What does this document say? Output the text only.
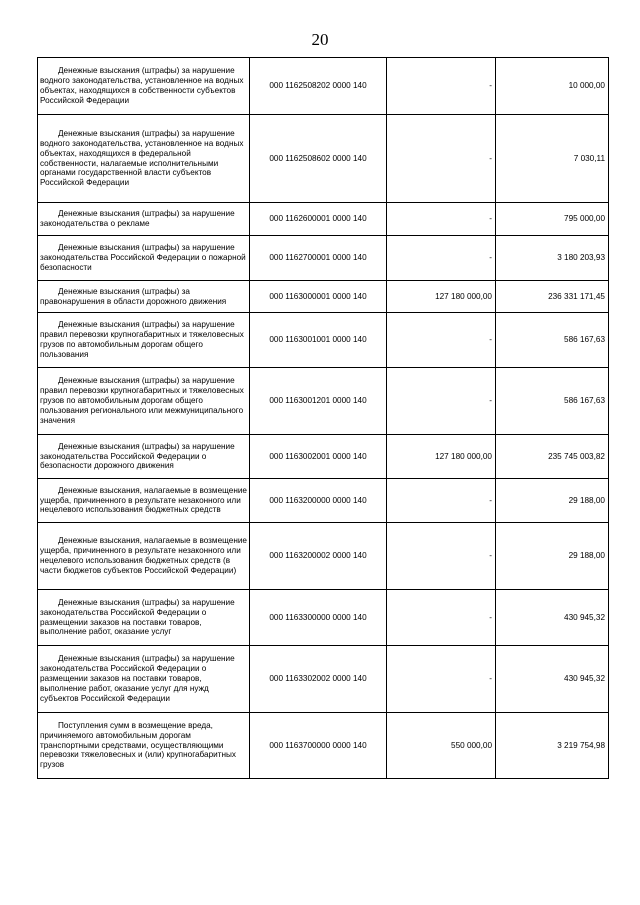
20
Денежные взыскания (штрафы) за нарушение водного законодательства, установленное на водных объектах, находящихся в собственности субъектов Российской Федерации	000 1162508202 0000 140	-	10 000,00

Денежные взыскания (штрафы) за нарушение водного законодательства, установленное на водных объектах, находящихся в федеральной собственности, налагаемые исполнительными органами государственной власти субъектов Российской Федерации	000 1162508602 0000 140	-	7 030,11

Денежные взыскания (штрафы) за нарушение законодательства о рекламе	000 1162600001 0000 140	-	795 000,00

Денежные взыскания (штрафы) за нарушение законодательства Российской Федерации о пожарной безопасности	000 1162700001 0000 140	-	3 180 203,93

Денежные взыскания (штрафы) за правонарушения в области дорожного движения	000 1163000001 0000 140	127 180 000,00	236 331 171,45

Денежные взыскания (штрафы) за нарушение правил перевозки крупногабаритных и тяжеловесных грузов по автомобильным дорогам общего пользования	000 1163001001 0000 140	-	586 167,63

Денежные взыскания (штрафы) за нарушение правил перевозки крупногабаритных и тяжеловесных грузов по автомобильным дорогам общего пользования регионального или межмуниципального значения	000 1163001201 0000 140	-	586 167,63

Денежные взыскания (штрафы) за нарушение законодательства Российской Федерации о безопасности дорожного движения	000 1163002001 0000 140	127 180 000,00	235 745 003,82

Денежные взыскания, налагаемые в возмещение ущерба, причиненного в результате незаконного или нецелевого использования бюджетных средств	000 1163200000 0000 140	-	29 188,00

Денежные взыскания, налагаемые в возмещение ущерба, причиненного в результате незаконного или нецелевого использования бюджетных средств (в части бюджетов субъектов Российской Федерации)	000 1163200002 0000 140	-	29 188,00

Денежные взыскания (штрафы) за нарушение законодательства Российской Федерации о размещении заказов на поставки товаров, выполнение работ, оказание услуг	000 1163300000 0000 140	-	430 945,32

Денежные взыскания (штрафы) за нарушение законодательства Российской Федерации о размещении заказов на поставки товаров, выполнение работ, оказание услуг для нужд субъектов Российской Федерации	000 1163302002 0000 140	-	430 945,32

Поступления сумм в возмещение вреда, причиняемого автомобильным дорогам транспортными средствами, осуществляющими перевозки тяжеловесных и (или) крупногабаритных грузов	000 1163700000 0000 140	550 000,00	3 219 754,98
